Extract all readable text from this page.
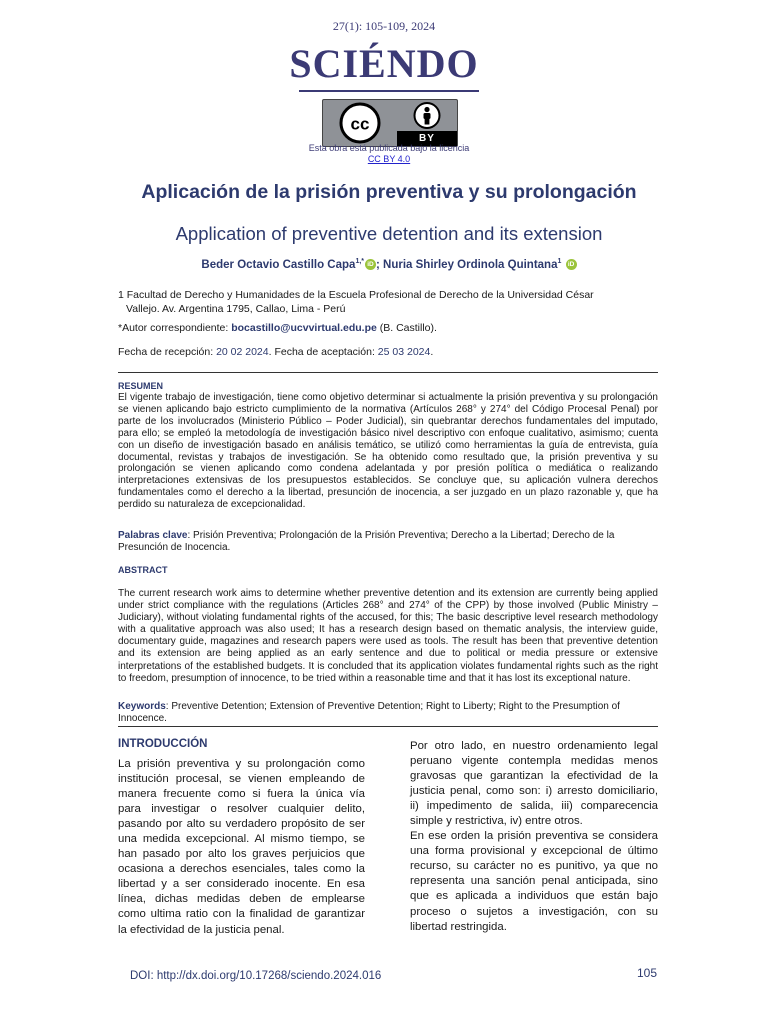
27(1): 105-109, 2024
SCIÉNDO
cc
BY
Esta obra está publicada bajo la licencia
CC BY 4.0
Aplicación de la prisión preventiva y su prolongación
Application of preventive detention and its extension
Beder Octavio Castillo Capa$^{1,*}$ iD ; Nuria Shirley Ordinola Quintana$^1$ iD
1 Facultad de Derecho y Humanidades de la Escuela Profesional de Derecho de la Universidad César
Vallejo. Av. Argentina 1795, Callao, Lima - Perú
*Autor correspondiente: bocastillo@ucvvirtual.edu.pe (B. Castillo).
Fecha de recepción: 20 02 2024. Fecha de aceptación: 25 03 2024.
RESUMEN
El vigente trabajo de investigación, tiene como objetivo determinar si actualmente la prisión preventiva y su prolongación se vienen aplicando bajo estricto cumplimiento de la normativa (Artículos 268° y 274° del Código Procesal Penal) por parte de los involucrados (Ministerio Público – Poder Judicial), sin quebrantar derechos fundamentales del imputado, para ello; se empleó la metodología de investigación básico nivel descriptivo con enfoque cualitativo, asimismo; cuenta con un diseño de investigación basado en análisis temático, se utilizó como herramientas la guía de entrevista, guía documental, revistas y trabajos de investigación. Se ha obtenido como resultado que, la prisión preventiva y su prolongación se vienen aplicando como condena adelantada y por presión política o mediática o realizando interpretaciones extensivas de los presupuestos establecidos. Se concluye que, su aplicación vulnera derechos fundamentales como el derecho a la libertad, presunción de inocencia, a ser juzgado en un plazo razonable y, que ha perdido su naturaleza de excepcionalidad.
Palabras clave: Prisión Preventiva; Prolongación de la Prisión Preventiva; Derecho a la Libertad; Derecho de la Presunción de Inocencia.
ABSTRACT
The current research work aims to determine whether preventive detention and its extension are currently being applied under strict compliance with the regulations (Articles 268° and 274° of the CPP) by those involved (Public Ministry – Judiciary), without violating fundamental rights of the accused, for this; The basic descriptive level research methodology with a qualitative approach was also used; It has a research design based on thematic analysis, the interview guide, documentary guide, magazines and research papers were used as tools. The result has been that preventive detention and its extension are being applied as an early sentence and due to political or media pressure or extensive interpretations of the established budgets. It is concluded that its application violates fundamental rights such as the right to freedom, presumption of innocence, to be tried within a reasonable time and that it has lost its exceptional nature.
Keywords: Preventive Detention; Extension of Preventive Detention; Right to Liberty; Right to the Presumption of Innocence.
INTRODUCCIÓN
La prisión preventiva y su prolongación como institución procesal, se vienen empleando de manera frecuente como si fuera la única vía para investigar o resolver cualquier delito, pasando por alto su verdadero propósito de ser una medida excepcional. Al mismo tiempo, se han pasado por alto los graves perjuicios que ocasiona a derechos esenciales, tales como la libertad y a ser considerado inocente. En esa línea, dichas medidas deben de emplearse como ultima ratio con la finalidad de garantizar la efectividad de la justicia penal.
Por otro lado, en nuestro ordenamiento legal peruano vigente contempla medidas menos gravosas que garantizan la efectividad de la justicia penal, como son: i) arresto domiciliario, ii) impedimento de salida, iii) comparecencia simple y restrictiva, iv) entre otros.
En ese orden la prisión preventiva se considera una forma provisional y excepcional de último recurso, su carácter no es punitivo, ya que no representa una sanción penal anticipada, sino que es aplicada a individuos que están bajo proceso o sujetos a investigación, con su libertad restringida.
DOI: http://dx.doi.org/10.17268/sciendo.2024.016	105
